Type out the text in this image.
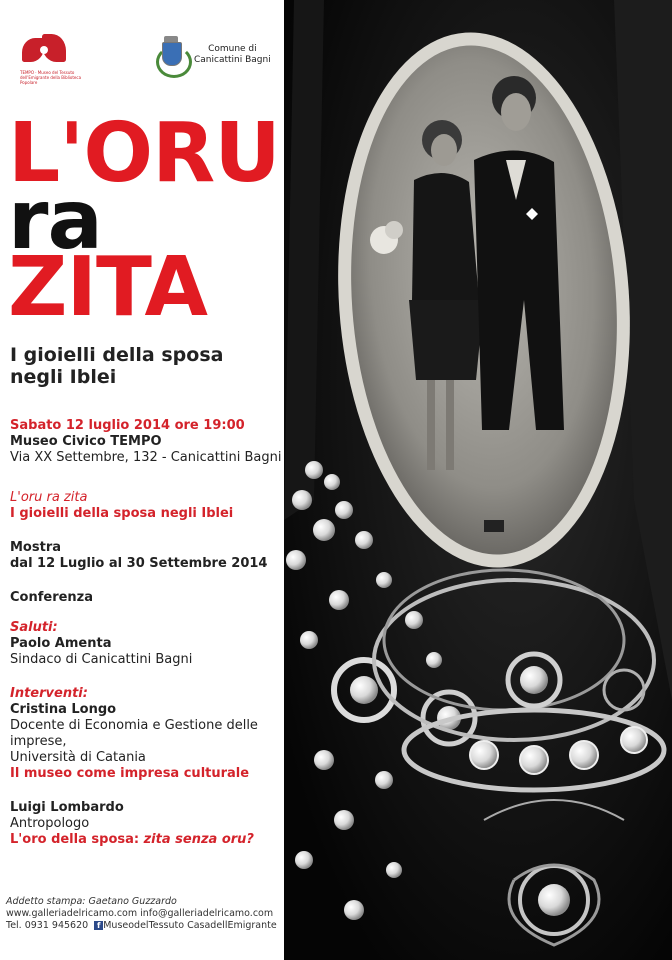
TEMPO · Museo del Tessuto dell'Emigrante della Biblioteca Popolare
Comune di
Canicattini Bagni
L'ORU
ra
ZITA
I gioielli della sposa
negli Iblei
Sabato 12 luglio 2014 ore 19:00
Museo Civico TEMPO
Via XX Settembre, 132 - Canicattini Bagni
L'oru ra zita
I gioielli della sposa negli Iblei
Mostra
dal 12 Luglio al 30 Settembre 2014
Conferenza
Saluti:
Paolo Amenta
Sindaco di Canicattini Bagni
Interventi:
Cristina Longo
Docente di Economia e Gestione delle imprese,
Università di Catania
Il museo come impresa culturale
Luigi Lombardo
Antropologo
L'oro della sposa: zita senza oru?
Addetto stampa: Gaetano Guzzardo
www.galleriadelricamo.com info@galleriadelricamo.com
Tel. 0931 945620 f MuseodelTessuto CasadellEmigrante
